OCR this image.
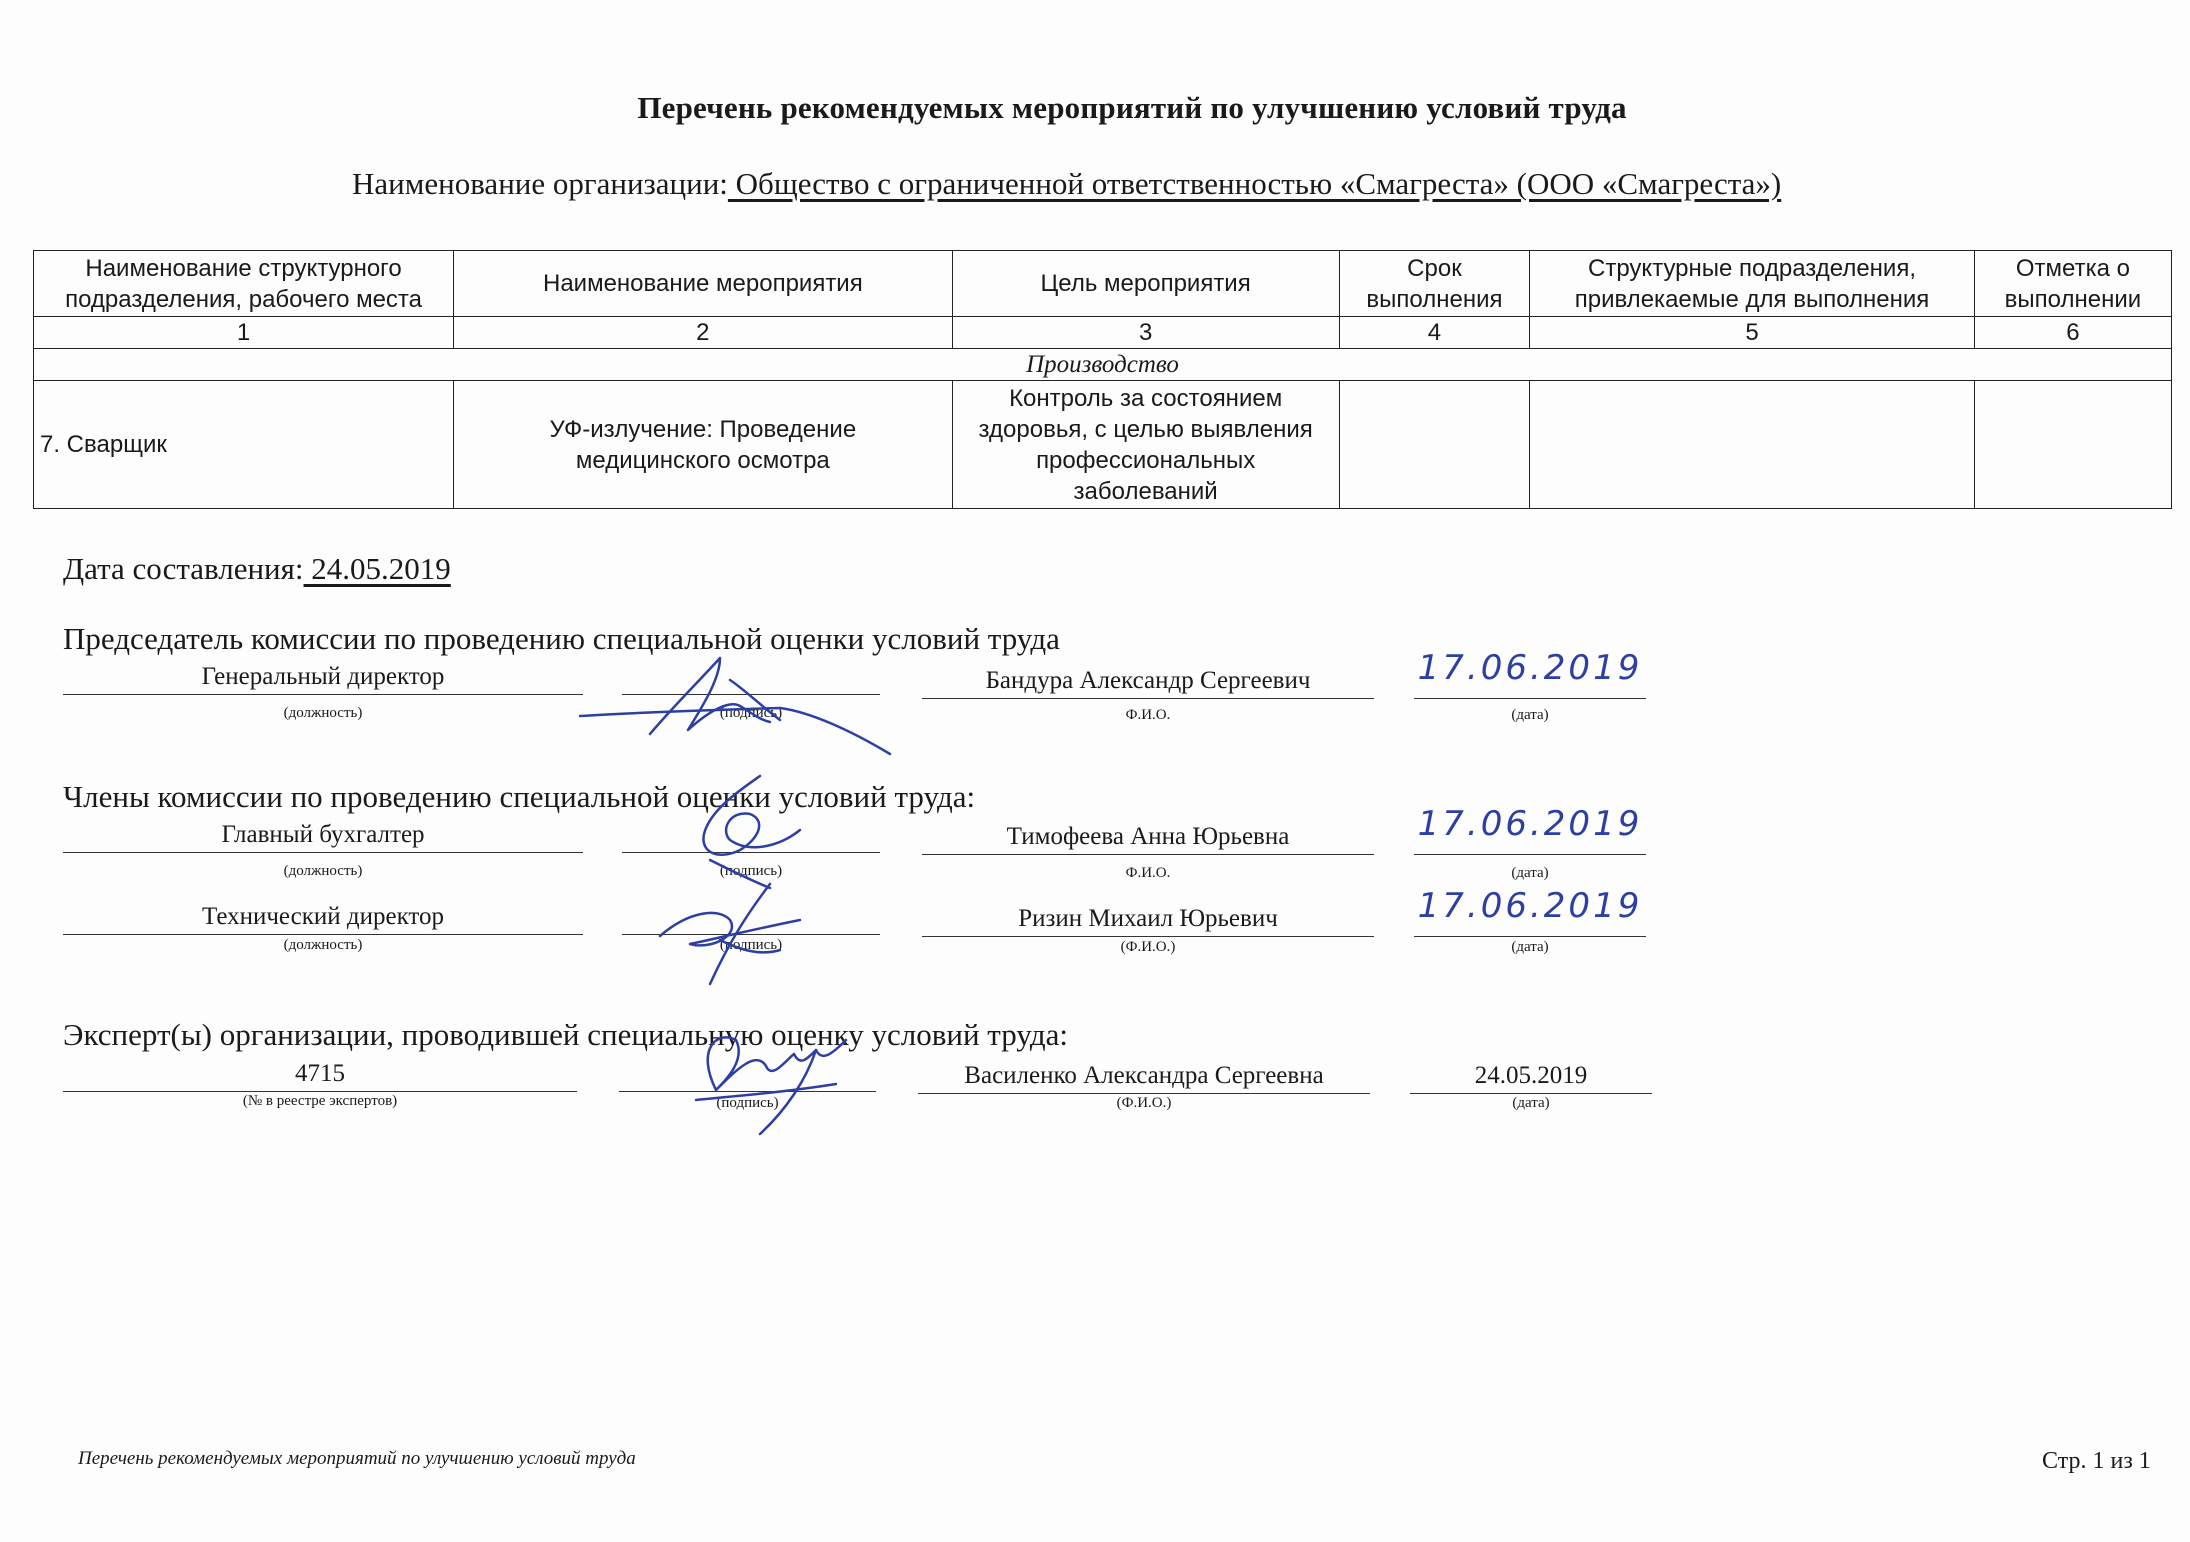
Перечень рекомендуемых мероприятий по улучшению условий труда
Наименование организации: Общество с ограниченной ответственностью «Смагреста» (ООО «Смагреста»)
Наименование структурного подразделения, рабочего места	Наименование мероприятия	Цель мероприятия	Срок выполнения	Структурные подразделения, привлекаемые для выполнения	Отметка о выполнении
1	2	3	4	5	6
Производство					
7. Сварщик	УФ-излучение: Проведение медицинского осмотра	Контроль за состоянием здоровья, с целью выявления профессиональных заболеваний			
Дата составления: 24.05.2019
Председатель комиссии по проведению специальной оценки условий труда
Генеральный директор
(должность)	(подпись)
Бандура Александр Сергеевич
Ф.И.О.
17.06.2019
(дата)
Члены комиссии по проведению специальной оценки условий труда:
Главный бухгалтер
(должность)	(подпись)
Тимофеева Анна Юрьевна
Ф.И.О.
17.06.2019
(дата)
Технический директор
(должность)	(подпись)
Ризин Михаил Юрьевич
(Ф.И.О.)
17.06.2019
(дата)
Эксперт(ы) организации, проводившей специальную оценку условий труда:
4715
(№ в реестре экспертов)	(подпись)
Василенко Александра Сергеевна
(Ф.И.О.)
24.05.2019
(дата)
Перечень рекомендуемых мероприятий по улучшению условий труда	Стр. 1 из 1
